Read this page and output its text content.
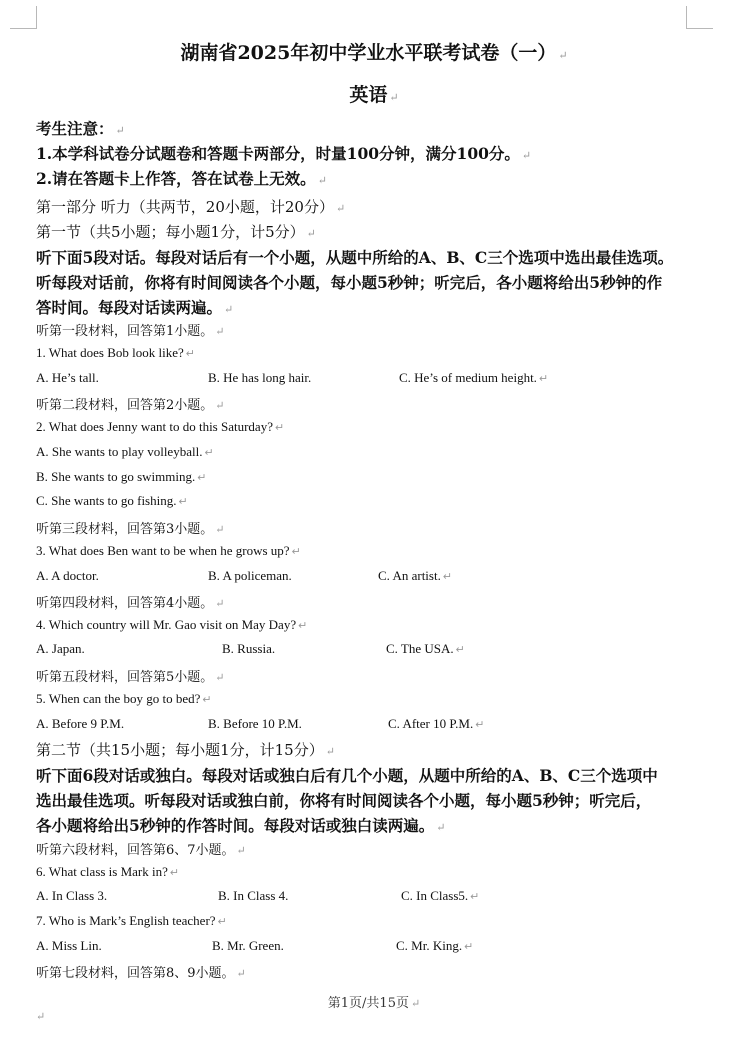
湖南省2025年初中学业水平联考试卷（一） ↵
英语 ↵
考生注意： ↵
1.本学科试卷分试题卷和答题卡两部分，时量100分钟，满分100分。 ↵
2.请在答题卡上作答，答在试卷上无效。 ↵
第一部分 听力（共两节，20小题，计20分） ↵
第一节（共5小题；每小题1分，计5分） ↵
听下面5段对话。每段对话后有一个小题，从题中所给的A、B、C三个选项中选出最佳选项。
听每段对话前，你将有时间阅读各个小题，每小题5秒钟；听完后，各小题将给出5秒钟的作
答时间。每段对话读两遍。 ↵
听第一段材料，回答第1小题。 ↵
1. What does Bob look like? ↵
A. He’s tall.	B. He has long hair.	C. He’s of medium height. ↵
听第二段材料，回答第2小题。 ↵
2. What does Jenny want to do this Saturday? ↵
A. She wants to play volleyball. ↵
B. She wants to go swimming. ↵
C. She wants to go fishing. ↵
听第三段材料，回答第3小题。 ↵
3. What does Ben want to be when he grows up? ↵
A. A doctor.	B. A policeman.	C. An artist. ↵
听第四段材料，回答第4小题。 ↵
4. Which country will Mr. Gao visit on May Day? ↵
A. Japan.	B. Russia.	C. The USA. ↵
听第五段材料，回答第5小题。 ↵
5. When can the boy go to bed? ↵
A. Before 9 P.M.	B. Before 10 P.M.	C. After 10 P.M. ↵
第二节（共15小题；每小题1分，计15分） ↵
听下面6段对话或独白。每段对话或独白后有几个小题，从题中所给的A、B、C三个选项中
选出最佳选项。听每段对话或独白前，你将有时间阅读各个小题，每小题5秒钟；听完后，
各小题将给出5秒钟的作答时间。每段对话或独白读两遍。 ↵
听第六段材料，回答第6、7小题。 ↵
6. What class is Mark in? ↵
A. In Class 3.	B. In Class 4.	C. In Class5. ↵
7. Who is Mark’s English teacher? ↵
A. Miss Lin.	B. Mr. Green.	C. Mr. King. ↵
听第七段材料，回答第8、9小题。 ↵
第1页/共15页 ↵
↵
